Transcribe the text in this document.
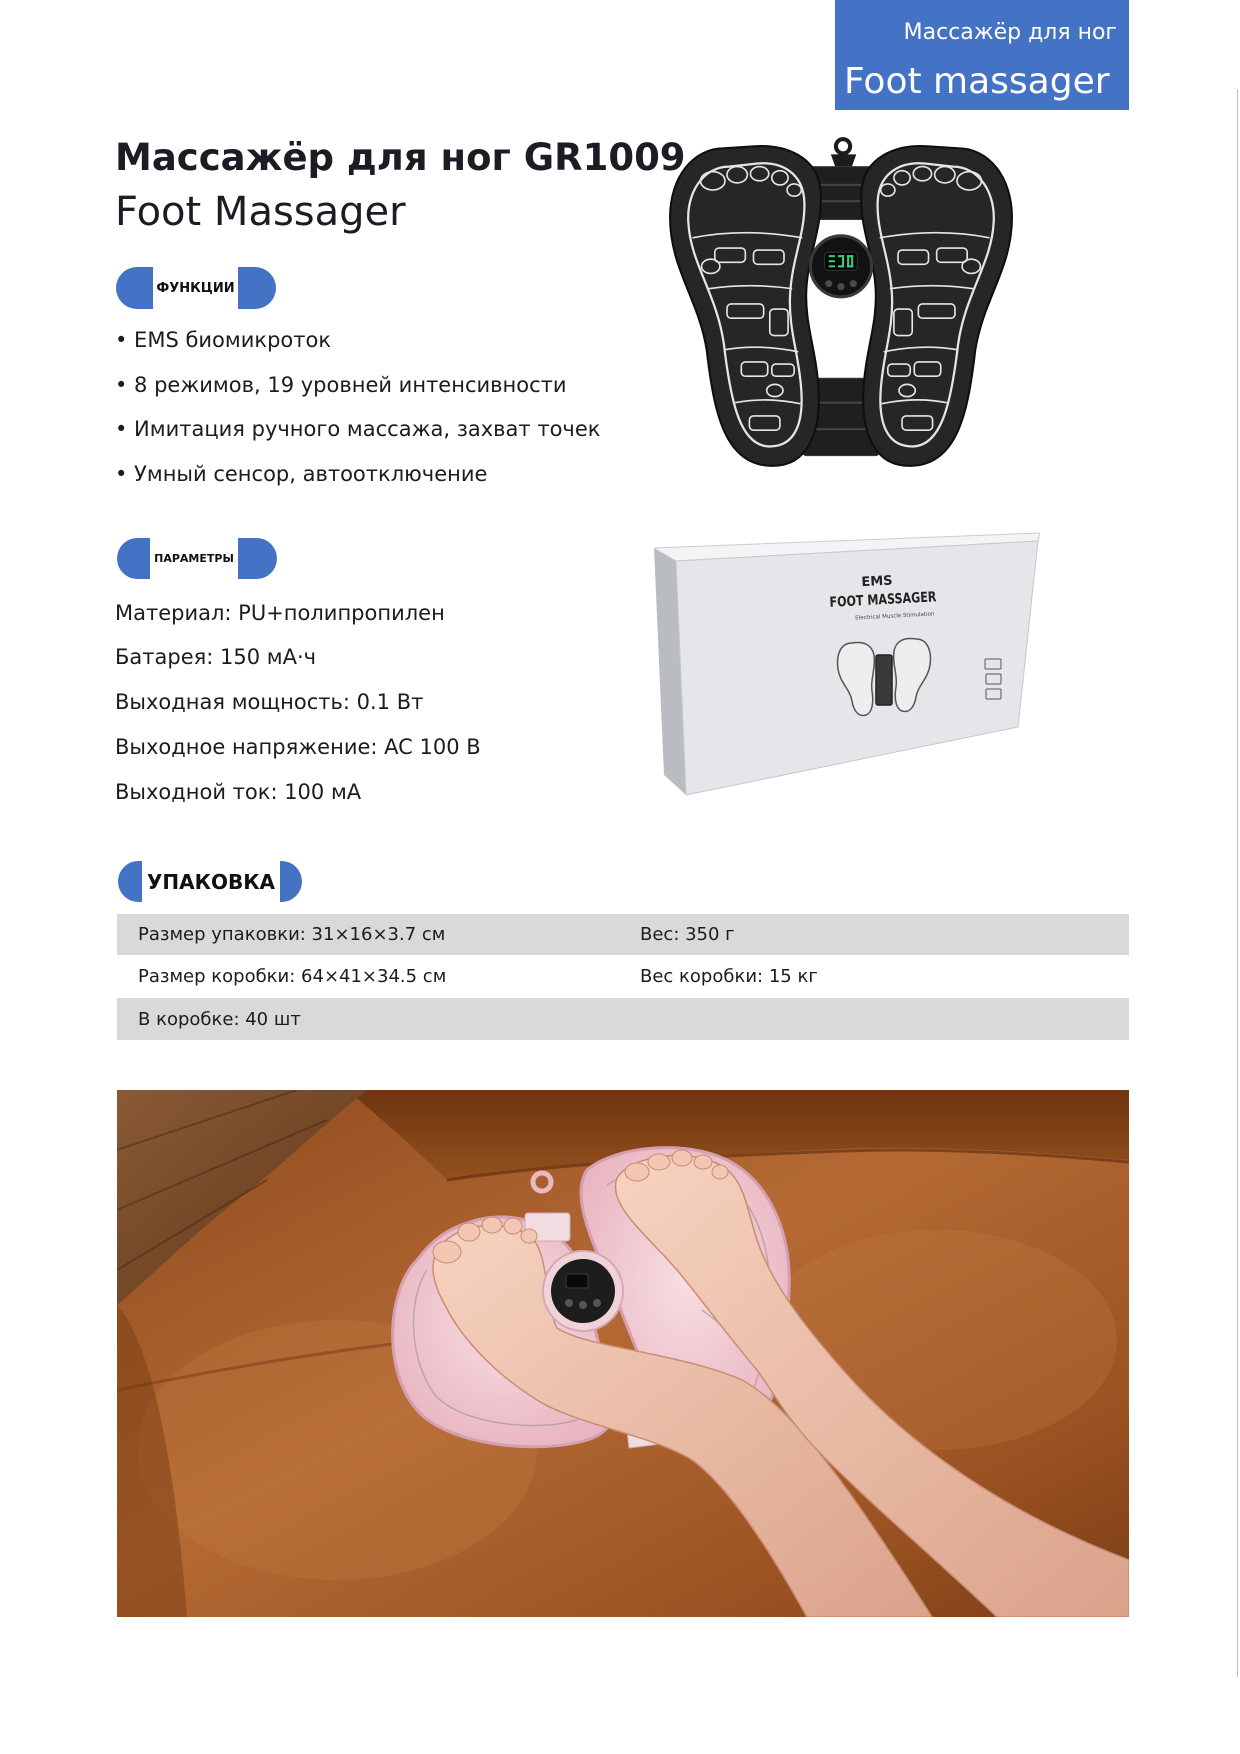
Массажёр для ног
Foot massager
Массажёр для ног GR1009
Foot Massager
ФУНКЦИИ
• EMS биомикроток
• 8 режимов, 19 уровней интенсивности
• Имитация ручного массажа, захват точек
• Умный сенсор, автоотключение
ПАРАМЕТРЫ
Материал: PU+полипропилен
Батарея: 150 мА·ч
Выходная мощность: 0.1 Вт
Выходное напряжение: AC 100 В
Выходной ток: 100 мА
EMS
FOOT MASSAGER
Electrical Muscle Stimulation
УПАКОВКА
Размер упаковки: 31×16×3.7 см	Вес: 350 г
Размер коробки: 64×41×34.5 см	Вес коробки: 15 кг
В коробке: 40 шт
